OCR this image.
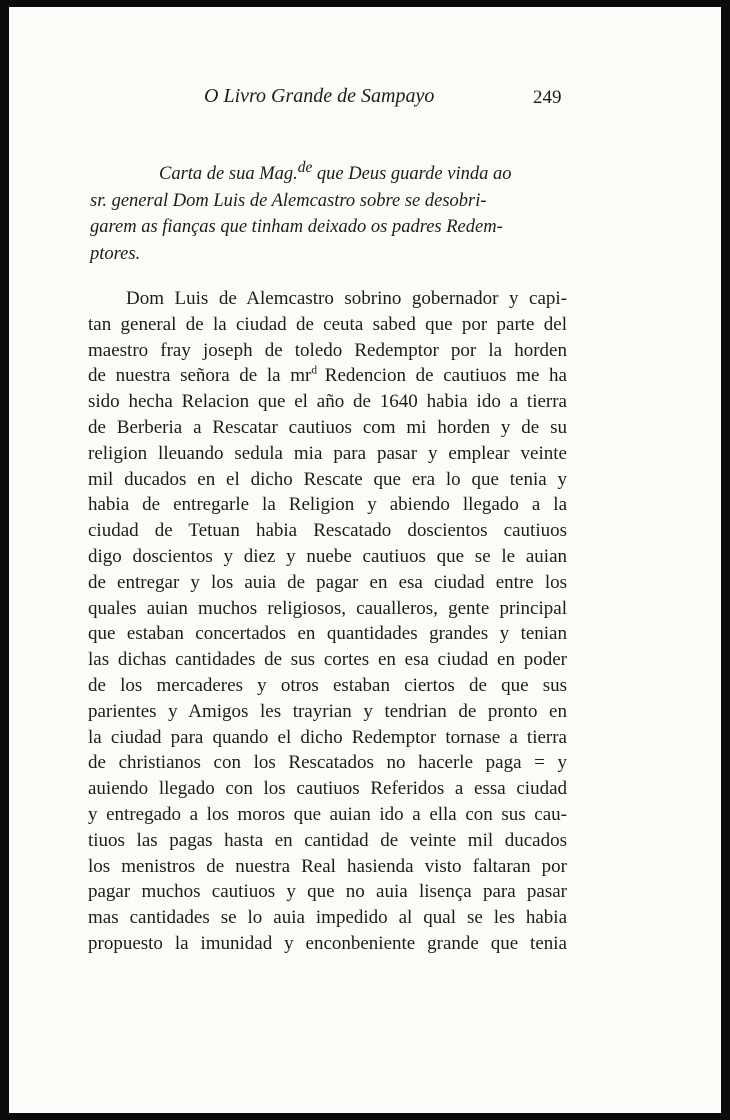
O Livro Grande de Sampayo	249
Carta de sua Mag.$^{de}$ que Deus guarde vinda ao
sr. general Dom Luis de Alemcastro sobre se desobri-
garem as fianças que tinham deixado os padres Redem-
ptores.
Dom Luis de Alemcastro sobrino gobernador y capi-
tan general de la ciudad de ceuta sabed que por parte del
maestro fray joseph de toledo Redemptor por la horden
de nuestra señora de la $mr^d$ Redencion de cautiuos me ha
sido hecha Relacion que el año de 1640 habia ido a tierra
de Berberia a Rescatar cautiuos com mi horden y de su
religion lleuando sedula mia para pasar y emplear veinte
mil ducados en el dicho Rescate que era lo que tenia y
habia de entregarle la Religion y abiendo llegado a la
ciudad de Tetuan habia Rescatado doscientos cautiuos
digo doscientos y diez y nuebe cautiuos que se le auian
de entregar y los auia de pagar en esa ciudad entre los
quales auian muchos religiosos, caualleros, gente principal
que estaban concertados en quantidades grandes y tenian
las dichas cantidades de sus cortes en esa ciudad en poder
de los mercaderes y otros estaban ciertos de que sus
parientes y Amigos les trayrian y tendrian de pronto en
la ciudad para quando el dicho Redemptor tornase a tierra
de christianos con los Rescatados no hacerle paga = y
auiendo llegado con los cautiuos Referidos a essa ciudad
y entregado a los moros que auian ido a ella con sus cau-
tiuos las pagas hasta en cantidad de veinte mil ducados
los menistros de nuestra Real hasienda visto faltaran por
pagar muchos cautiuos y que no auia lisença para pasar
mas cantidades se lo auia impedido al qual se les habia
propuesto la imunidad y enconbeniente grande que tenia
